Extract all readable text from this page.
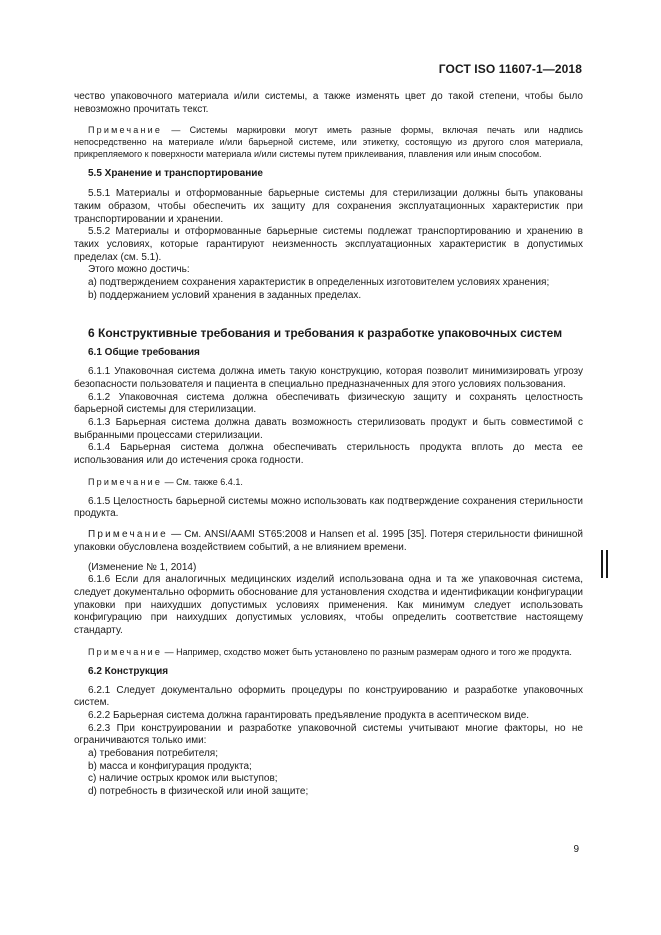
ГОСТ ISO 11607-1—2018

чество упаковочного материала и/или системы, а также изменять цвет до такой степени, чтобы было невозможно прочитать текст.

Примечание — Системы маркировки могут иметь разные формы, включая печать или надпись непосредственно на материале и/или барьерной системе, или этикетку, состоящую из другого слоя материала, прикрепляемого к поверхности материала и/или системы путем приклеивания, плавления или иным способом.

5.5 Хранение и транспортирование

5.5.1 Материалы и отформованные барьерные системы для стерилизации должны быть упакованы таким образом, чтобы обеспечить их защиту для сохранения эксплуатационных характеристик при транспортировании и хранении.

5.5.2 Материалы и отформованные барьерные системы подлежат транспортированию и хранению в таких условиях, которые гарантируют неизменность эксплуатационных характеристик в допустимых пределах (см. 5.1).

Этого можно достичь:

a) подтверждением сохранения характеристик в определенных изготовителем условиях хранения;

b) поддержанием условий хранения в заданных пределах.

6 Конструктивные требования и требования к разработке упаковочных систем

6.1 Общие требования

6.1.1 Упаковочная система должна иметь такую конструкцию, которая позволит минимизировать угрозу безопасности пользователя и пациента в специально предназначенных для этого условиях пользования.

6.1.2 Упаковочная система должна обеспечивать физическую защиту и сохранять целостность барьерной системы для стерилизации.

6.1.3 Барьерная система должна давать возможность стерилизовать продукт и быть совместимой с выбранными процессами стерилизации.

6.1.4 Барьерная система должна обеспечивать стерильность продукта вплоть до места ее использования или до истечения срока годности.

Примечание — См. также 6.4.1.

6.1.5 Целостность барьерной системы можно использовать как подтверждение сохранения стерильности продукта.

Примечание — См. ANSI/AAMI ST65:2008 и Hansen et al. 1995 [35]. Потеря стерильности финишной упаковки обусловлена воздействием событий, а не влиянием времени.

(Изменение № 1, 2014)

6.1.6 Если для аналогичных медицинских изделий использована одна и та же упаковочная система, следует документально оформить обоснование для установления сходства и идентификации конфигурации упаковки при наихудших допустимых условиях применения. Как минимум следует использовать конфигурацию при наихудших допустимых условиях, чтобы определить соответствие настоящему стандарту.

Примечание — Например, сходство может быть установлено по разным размерам одного и того же продукта.

6.2 Конструкция

6.2.1 Следует документально оформить процедуры по конструированию и разработке упаковочных систем.

6.2.2 Барьерная система должна гарантировать предъявление продукта в асептическом виде.

6.2.3 При конструировании и разработке упаковочной системы учитывают многие факторы, но не ограничиваются только ими:

a) требования потребителя;

b) масса и конфигурация продукта;

c) наличие острых кромок или выступов;

d) потребность в физической или иной защите;

9
